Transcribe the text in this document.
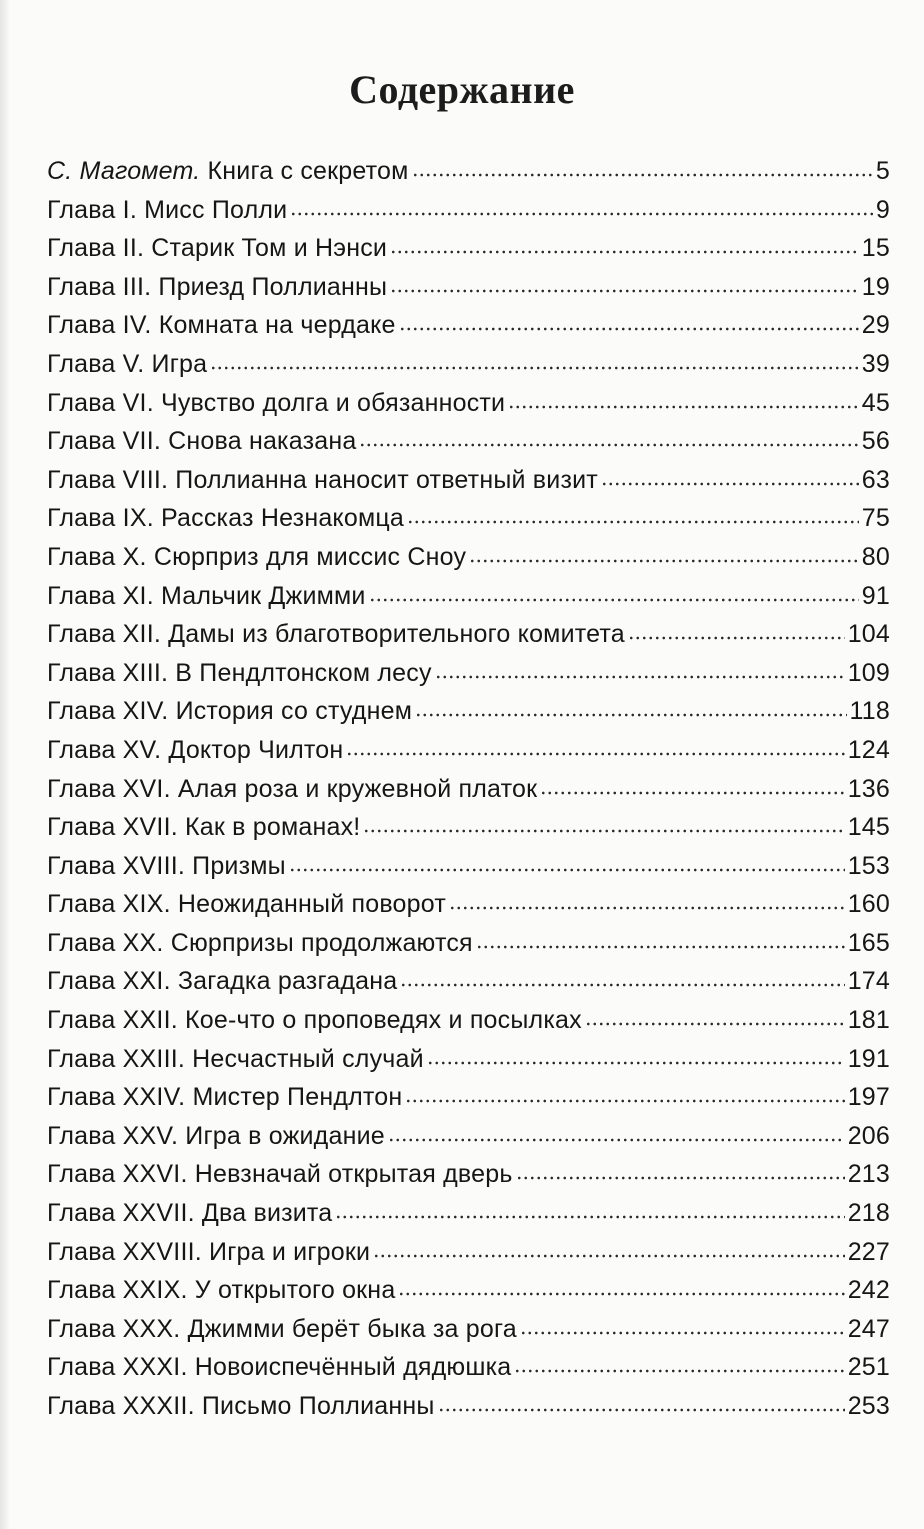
Содержание
С. Магомет. Книга с секретом	5
Глава I. Мисс Полли	9
Глава II. Старик Том и Нэнси	15
Глава III. Приезд Поллианны	19
Глава IV. Комната на чердаке	29
Глава V. Игра	39
Глава VI. Чувство долга и обязанности	45
Глава VII. Снова наказана	56
Глава VIII. Поллианна наносит ответный визит	63
Глава IX. Рассказ Незнакомца	75
Глава X. Сюрприз для миссис Сноу	80
Глава XI. Мальчик Джимми	91
Глава XII. Дамы из благотворительного комитета	104
Глава XIII. В Пендлтонском лесу	109
Глава XIV. История со студнем	118
Глава XV. Доктор Чилтон	124
Глава XVI. Алая роза и кружевной платок	136
Глава XVII. Как в романах!	145
Глава XVIII. Призмы	153
Глава XIX. Неожиданный поворот	160
Глава XX. Сюрпризы продолжаются	165
Глава XXI. Загадка разгадана	174
Глава XXII. Кое-что о проповедях и посылках	181
Глава XXIII. Несчастный случай	191
Глава XXIV. Мистер Пендлтон	197
Глава XXV. Игра в ожидание	206
Глава XXVI. Невзначай открытая дверь	213
Глава XXVII. Два визита	218
Глава XXVIII. Игра и игроки	227
Глава XXIX. У открытого окна	242
Глава XXX. Джимми берёт быка за рога	247
Глава XXXI. Новоиспечённый дядюшка	251
Глава XXXII. Письмо Поллианны	253
